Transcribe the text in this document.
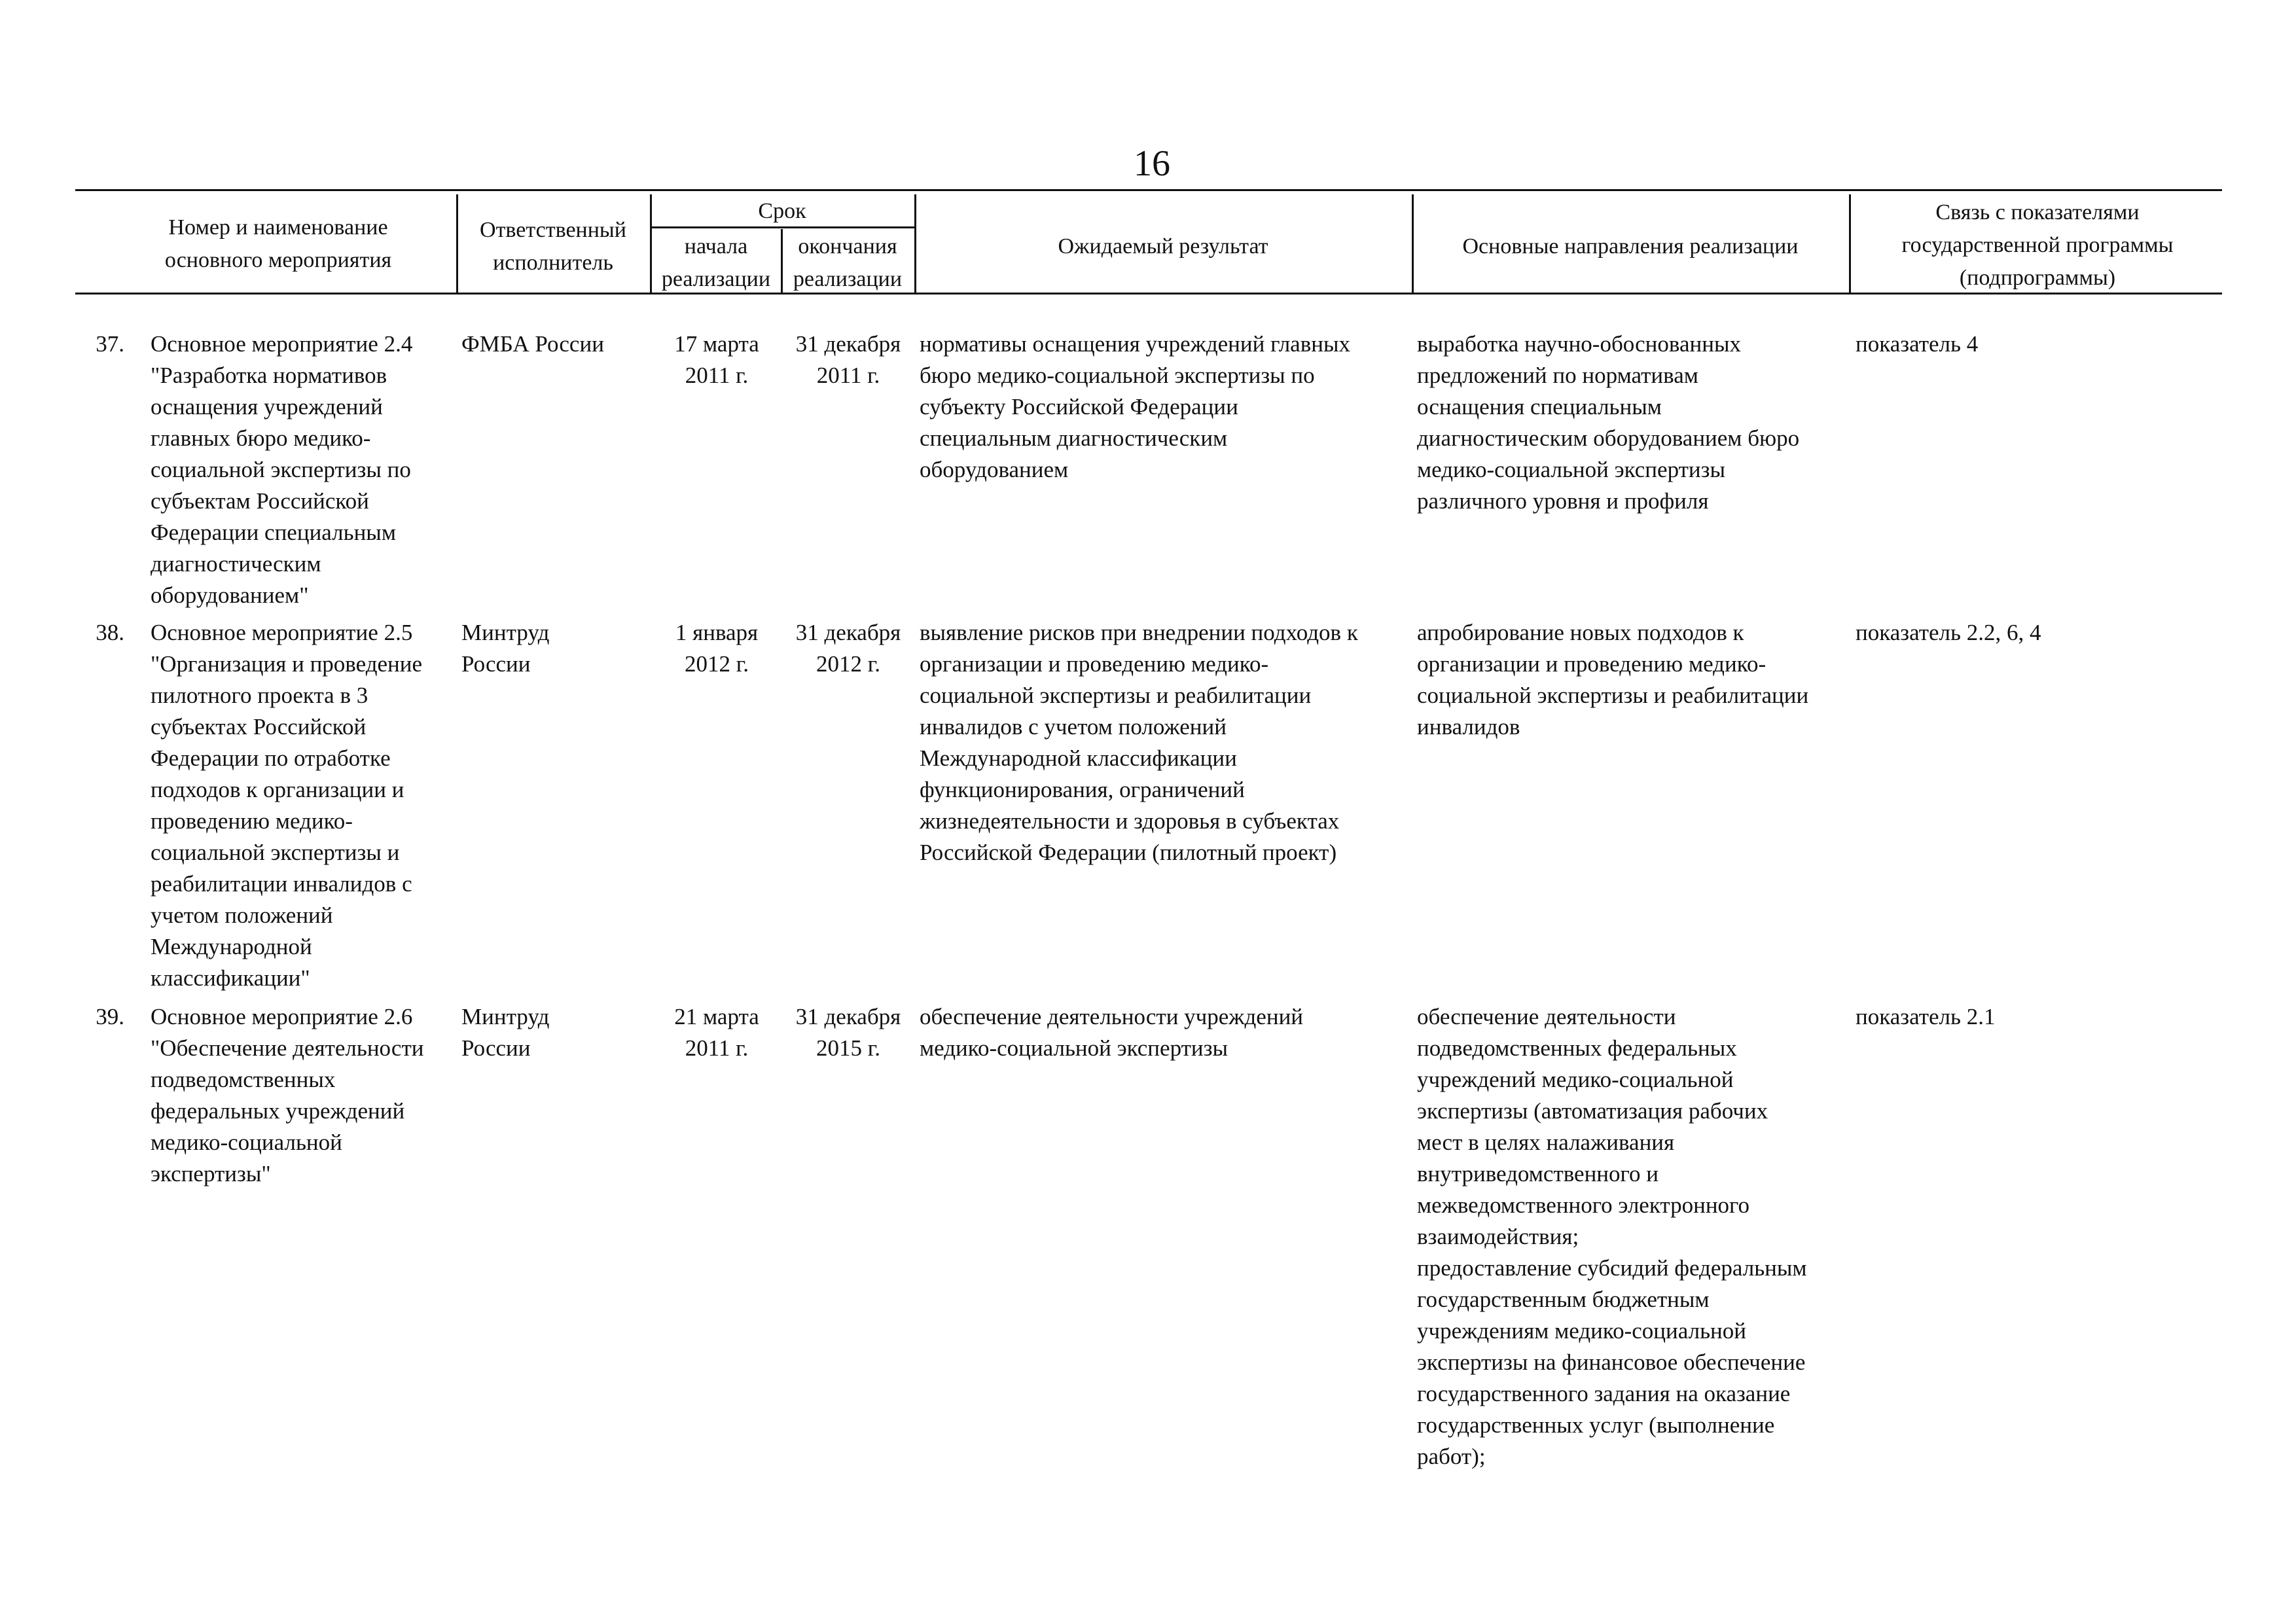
16
Номер и наименование
основного мероприятия
Ответственный
исполнитель
Срок
начала
реализации
окончания
реализации
Ожидаемый результат	Основные направления реализации
Связь с показателями
государственной программы
(подпрограммы)
37. Основное мероприятие 2.4
"Разработка нормативов
оснащения учреждений
главных бюро медико-
социальной экспертизы по
субъектам Российской
Федерации специальным
диагностическим
оборудованием"
ФМБА России	17 марта
2011 г.
31 декабря
2011 г.
нормативы оснащения учреждений главных
бюро медико-социальной экспертизы по
субъекту Российской Федерации
специальным диагностическим
оборудованием
выработка научно-обоснованных
предложений по нормативам
оснащения специальным
диагностическим оборудованием бюро
медико-социальной экспертизы
различного уровня и профиля
показатель 4
38. Основное мероприятие 2.5
"Организация и проведение
пилотного проекта в 3
субъектах Российской
Федерации по отработке
подходов к организации и
проведению медико-
социальной экспертизы и
реабилитации инвалидов с
учетом положений
Международной
классификации"
Минтруд
России
1 января
2012 г.
31 декабря
2012 г.
выявление рисков при внедрении подходов к
организации и проведению медико-
социальной экспертизы и реабилитации
инвалидов с учетом положений
Международной классификации
функционирования, ограничений
жизнедеятельности и здоровья в субъектах
Российской Федерации (пилотный проект)
апробирование новых подходов к
организации и проведению медико-
социальной экспертизы и реабилитации
инвалидов
показатель 2.2, 6, 4
39. Основное мероприятие 2.6
"Обеспечение деятельности
подведомственных
федеральных учреждений
медико-социальной
экспертизы"
Минтруд
России
21 марта
2011 г.
31 декабря
2015 г.
обеспечение деятельности учреждений
медико-социальной экспертизы
обеспечение деятельности
подведомственных федеральных
учреждений медико-социальной
экспертизы (автоматизация рабочих
мест в целях налаживания
внутриведомственного и
межведомственного электронного
взаимодействия;
предоставление субсидий федеральным
государственным бюджетным
учреждениям медико-социальной
экспертизы на финансовое обеспечение
государственного задания на оказание
государственных услуг (выполнение
работ);
показатель 2.1
